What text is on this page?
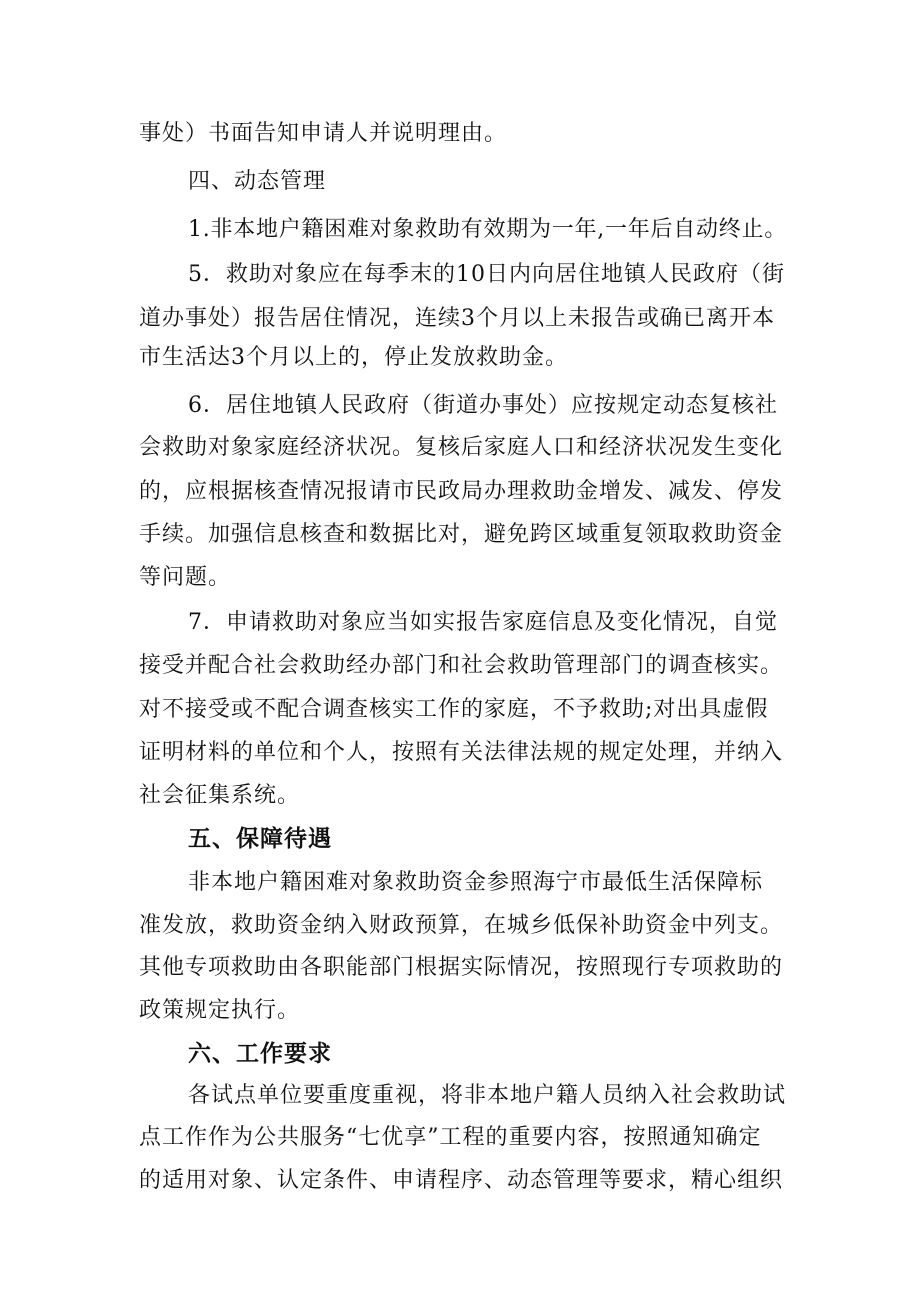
事处）书面告知申请人并说明理由。
四、动态管理
1.非本地户籍困难对象救助有效期为一年,一年后自动终止。
5．救助对象应在每季末的10日内向居住地镇人民政府（街
道办事处）报告居住情况，连续3个月以上未报告或确已离开本
市生活达3个月以上的，停止发放救助金。
6．居住地镇人民政府（街道办事处）应按规定动态复核社
会救助对象家庭经济状况。复核后家庭人口和经济状况发生变化
的，应根据核查情况报请市民政局办理救助金增发、减发、停发
手续。加强信息核查和数据比对，避免跨区域重复领取救助资金
等问题。
7．申请救助对象应当如实报告家庭信息及变化情况，自觉
接受并配合社会救助经办部门和社会救助管理部门的调查核实。
对不接受或不配合调查核实工作的家庭，不予救助;对出具虚假
证明材料的单位和个人，按照有关法律法规的规定处理，并纳入
社会征集系统。
五、保障待遇
非本地户籍困难对象救助资金参照海宁市最低生活保障标
准发放，救助资金纳入财政预算，在城乡低保补助资金中列支。
其他专项救助由各职能部门根据实际情况，按照现行专项救助的
政策规定执行。
六、工作要求
各试点单位要重度重视，将非本地户籍人员纳入社会救助试
点工作作为公共服务“七优享”工程的重要内容，按照通知确定
的适用对象、认定条件、申请程序、动态管理等要求，精心组织
